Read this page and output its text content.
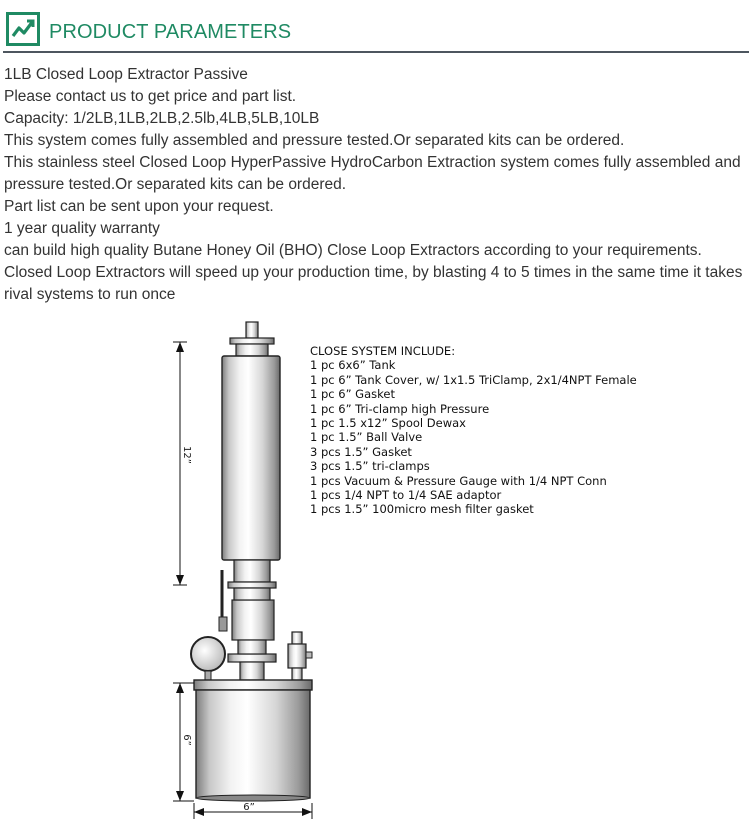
PRODUCT PARAMETERS

1LB Closed Loop Extractor Passive

Please contact us to get price and part list.

Capacity: 1/2LB,1LB,2LB,2.5lb,4LB,5LB,10LB

This system comes fully assembled and pressure tested.Or separated kits can be ordered.

This stainless steel Closed Loop HyperPassive HydroCarbon Extraction system comes fully assembled and pressure tested.Or separated kits can be ordered.

Part list can be sent upon your request.

1 year quality warranty

can build high quality Butane Honey Oil (BHO) Close Loop Extractors according to your requirements.

Closed Loop Extractors will speed up your production time, by blasting 4 to 5 times in the same time it takes rival systems to run once

12”
6”
6”
CLOSE SYSTEM INCLUDE:
1 pc 6x6” Tank
1 pc 6” Tank Cover, w/ 1x1.5 TriClamp, 2x1/4NPT Female
1 pc 6” Gasket
1 pc 6” Tri-clamp high Pressure
1 pc 1.5 x12” Spool Dewax
1 pc 1.5” Ball Valve
3 pcs 1.5” Gasket
3 pcs 1.5” tri-clamps
1 pcs Vacuum & Pressure Gauge with 1/4 NPT Conn
1 pcs 1/4 NPT to 1/4 SAE adaptor
1 pcs 1.5” 100micro mesh filter gasket
